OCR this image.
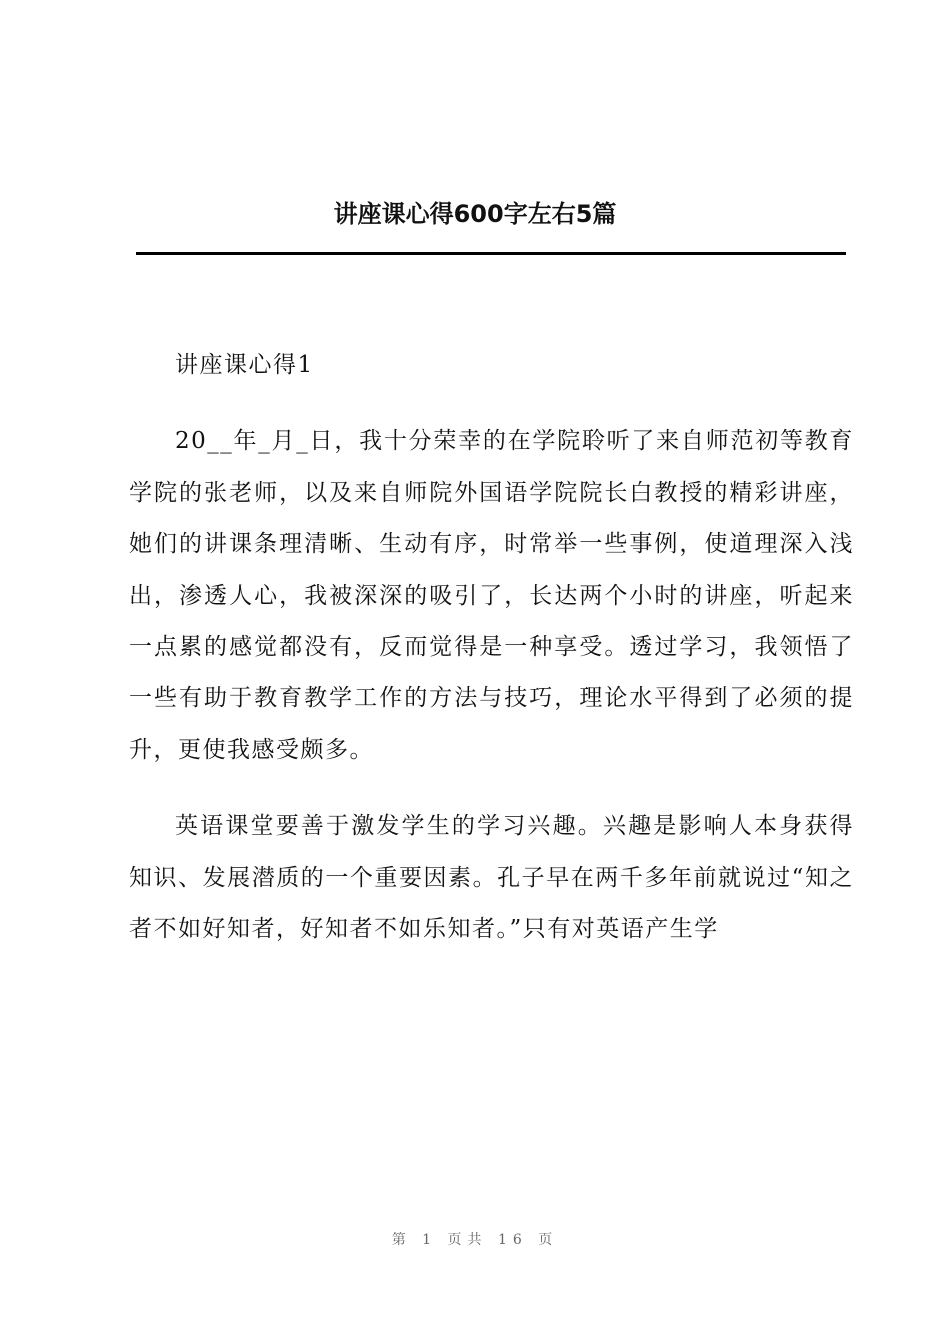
讲座课心得600字左右5篇

讲座课心得1

20__年_月_日，我十分荣幸的在学院聆听了来自师范初等教育学院的张老师，以及来自师院外国语学院院长白教授的精彩讲座，她们的讲课条理清晰、生动有序，时常举一些事例，使道理深入浅出，渗透人心，我被深深的吸引了，长达两个小时的讲座，听起来一点累的感觉都没有，反而觉得是一种享受。透过学习，我领悟了一些有助于教育教学工作的方法与技巧，理论水平得到了必须的提升，更使我感受颇多。

英语课堂要善于激发学生的学习兴趣。兴趣是影响人本身获得知识、发展潜质的一个重要因素。孔子早在两千多年前就说过“知之者不如好知者，好知者不如乐知者。”只有对英语产生学

第 1 页共 16 页
